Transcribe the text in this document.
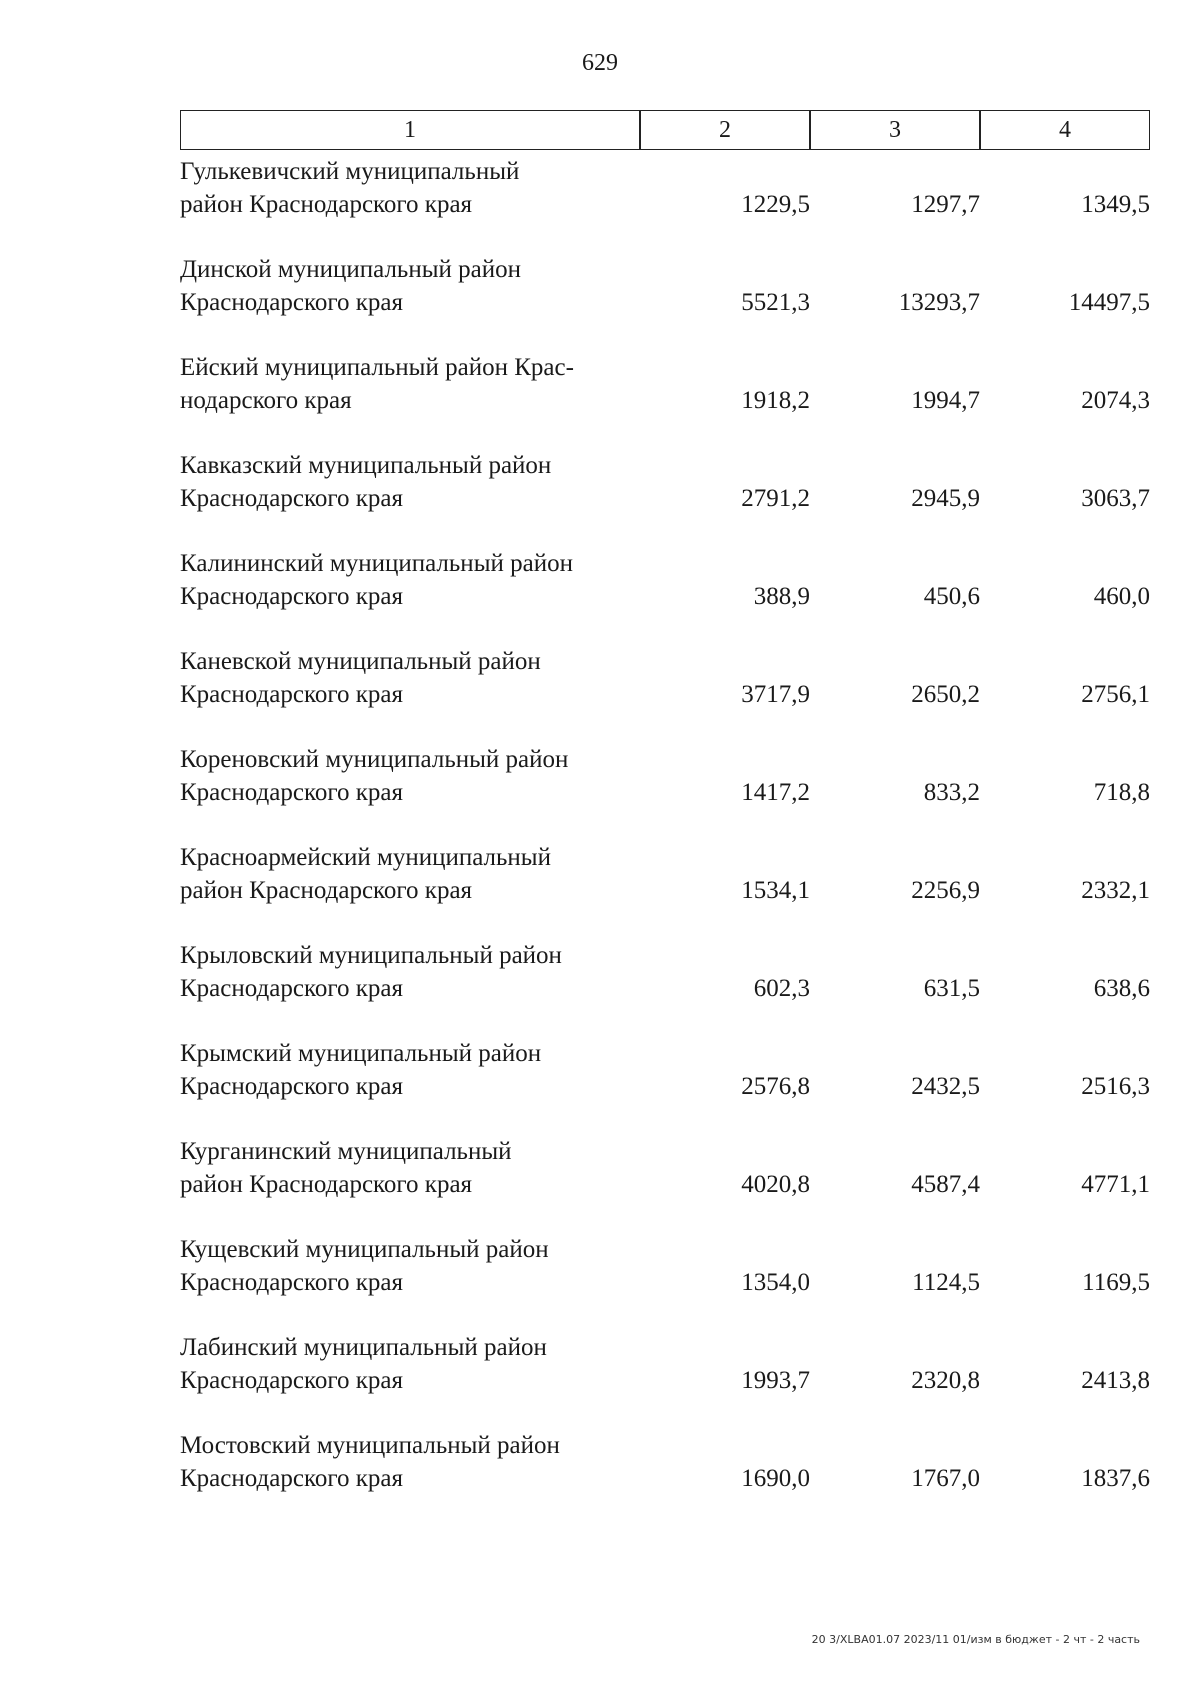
629
1	2	3	4
Гулькевичский муниципальный
район Краснодарского края	1229,5	1297,7	1349,5
Динской муниципальный район
Краснодарского края	5521,3	13293,7	14497,5
Ейский муниципальный район Крас-
нодарского края	1918,2	1994,7	2074,3
Кавказский муниципальный район
Краснодарского края	2791,2	2945,9	3063,7
Калининский муниципальный район
Краснодарского края	388,9	450,6	460,0
Каневской муниципальный район
Краснодарского края	3717,9	2650,2	2756,1
Кореновский муниципальный район
Краснодарского края	1417,2	833,2	718,8
Красноармейский муниципальный
район Краснодарского края	1534,1	2256,9	2332,1
Крыловский муниципальный район
Краснодарского края	602,3	631,5	638,6
Крымский муниципальный район
Краснодарского края	2576,8	2432,5	2516,3
Курганинский муниципальный
район Краснодарского края	4020,8	4587,4	4771,1
Кущевский муниципальный район
Краснодарского края	1354,0	1124,5	1169,5
Лабинский муниципальный район
Краснодарского края	1993,7	2320,8	2413,8
Мостовский муниципальный район
Краснодарского края	1690,0	1767,0	1837,6
20 3/XLBA01.07 2023/11 01/изм в бюджет - 2 чт - 2 часть
